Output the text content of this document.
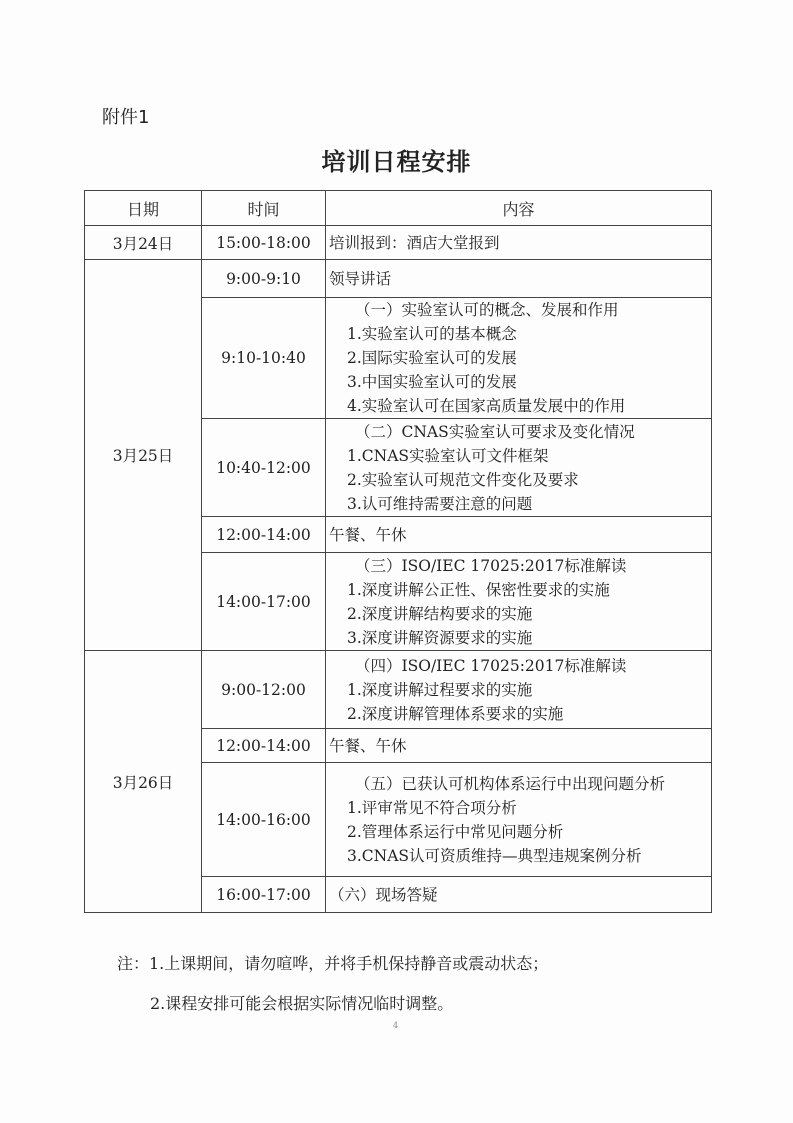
附件1
培训日程安排
日期	时间	内容
3月24日	15:00-18:00	培训报到：酒店大堂报到

3月25日	9:00-9:10	领导讲话

	9:10-10:40	（一）实验室认可的概念、发展和作用
1.实验室认可的基本概念
2.国际实验室认可的发展
3.中国实验室认可的发展
4.实验室认可在国家高质量发展中的作用

	10:40-12:00	（二）CNAS实验室认可要求及变化情况
1.CNAS实验室认可文件框架
2.实验室认可规范文件变化及要求
3.认可维持需要注意的问题

	12:00-14:00	午餐、午休

	14:00-17:00	（三）ISO/IEC 17025:2017标准解读
1.深度讲解公正性、保密性要求的实施
2.深度讲解结构要求的实施
3.深度讲解资源要求的实施

3月26日	9:00-12:00	（四）ISO/IEC 17025:2017标准解读
1.深度讲解过程要求的实施
2.深度讲解管理体系要求的实施

	12:00-14:00	午餐、午休

	14:00-16:00	（五）已获认可机构体系运行中出现问题分析
1.评审常见不符合项分析
2.管理体系运行中常见问题分析
3.CNAS认可资质维持—典型违规案例分析

	16:00-17:00	（六）现场答疑
注：1.上课期间，请勿喧哗，并将手机保持静音或震动状态；
2.课程安排可能会根据实际情况临时调整。
4
